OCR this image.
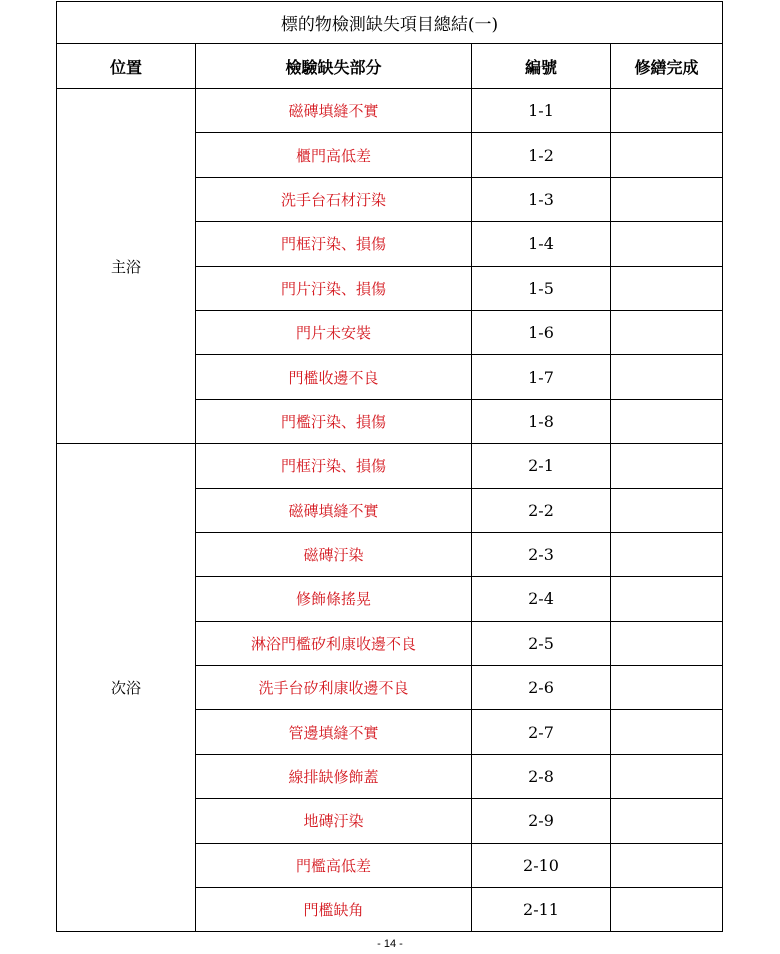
標的物檢測缺失項目總結(一)			
位置	檢驗缺失部分	編號	修繕完成
主浴	磁磚填縫不實	1-1	
	櫃門高低差	1-2	
	洗手台石材汙染	1-3	
	門框汙染、損傷	1-4	
	門片汙染、損傷	1-5	
	門片未安裝	1-6	
	門檻收邊不良	1-7	
	門檻汙染、損傷	1-8	
次浴	門框汙染、損傷	2-1	
	磁磚填縫不實	2-2	
	磁磚汙染	2-3	
	修飾條搖晃	2-4	
	淋浴門檻矽利康收邊不良	2-5	
	洗手台矽利康收邊不良	2-6	
	管邊填縫不實	2-7	
	線排缺修飾蓋	2-8	
	地磚汙染	2-9	
	門檻高低差	2-10	
	門檻缺角	2-11	
- 14 -
